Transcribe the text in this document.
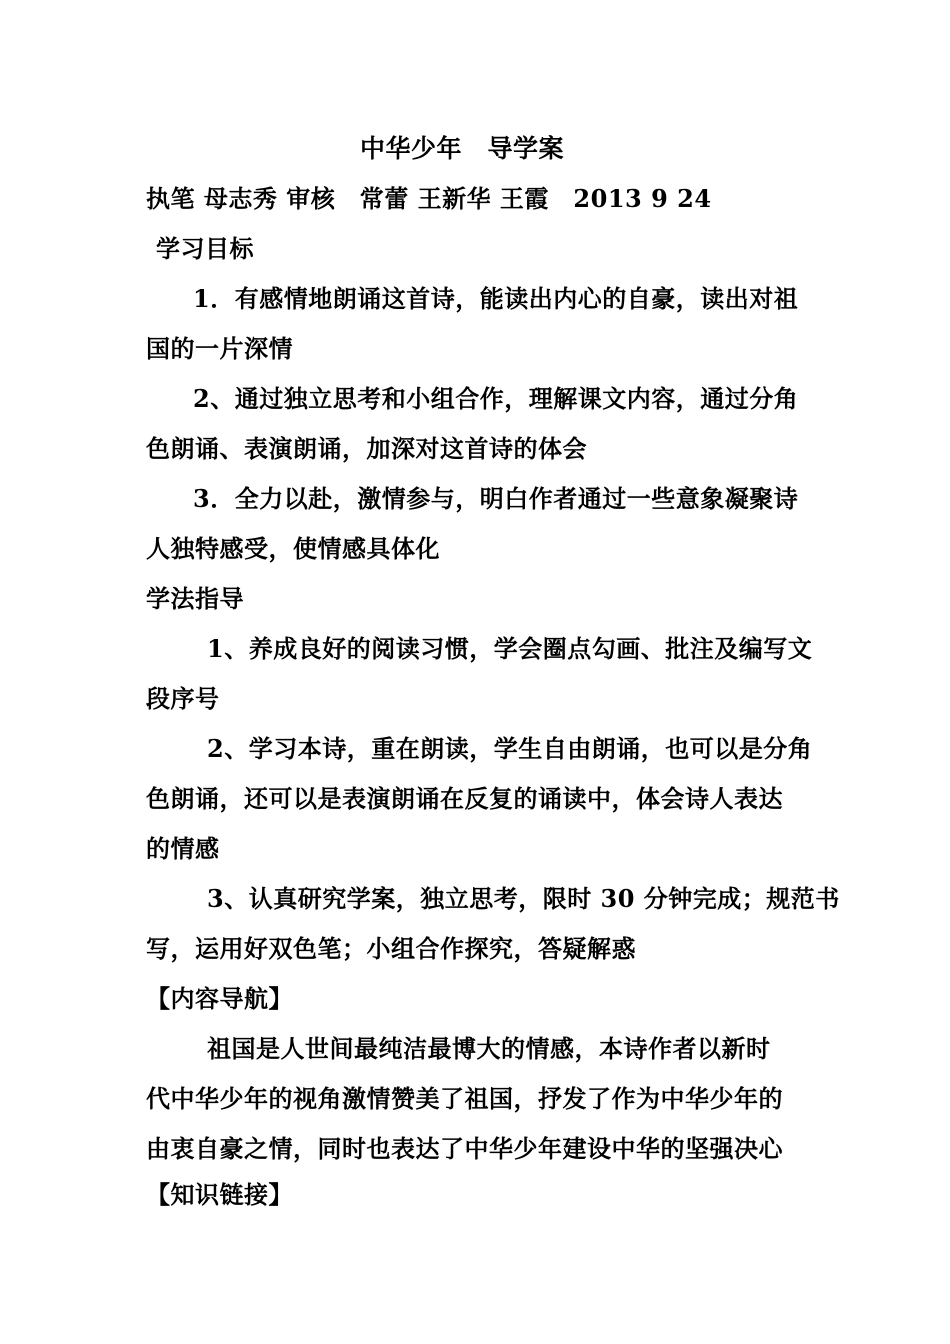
中华少年　导学案
执笔 母志秀 审核　常蕾 王新华 王霞　2013 9 24
学习目标
1．有感情地朗诵这首诗，能读出内心的自豪，读出对祖
国的一片深情
2、通过独立思考和小组合作，理解课文内容，通过分角
色朗诵、表演朗诵，加深对这首诗的体会
3．全力以赴，激情参与，明白作者通过一些意象凝聚诗
人独特感受，使情感具体化
学法指导
1、养成良好的阅读习惯，学会圈点勾画、批注及编写文
段序号
2、学习本诗，重在朗读，学生自由朗诵，也可以是分角
色朗诵，还可以是表演朗诵在反复的诵读中，体会诗人表达
的情感
3、认真研究学案，独立思考，限时 30 分钟完成；规范书
写，运用好双色笔；小组合作探究，答疑解惑
【内容导航】
祖国是人世间最纯洁最博大的情感，本诗作者以新时
代中华少年的视角激情赞美了祖国，抒发了作为中华少年的
由衷自豪之情，同时也表达了中华少年建设中华的坚强决心
【知识链接】
